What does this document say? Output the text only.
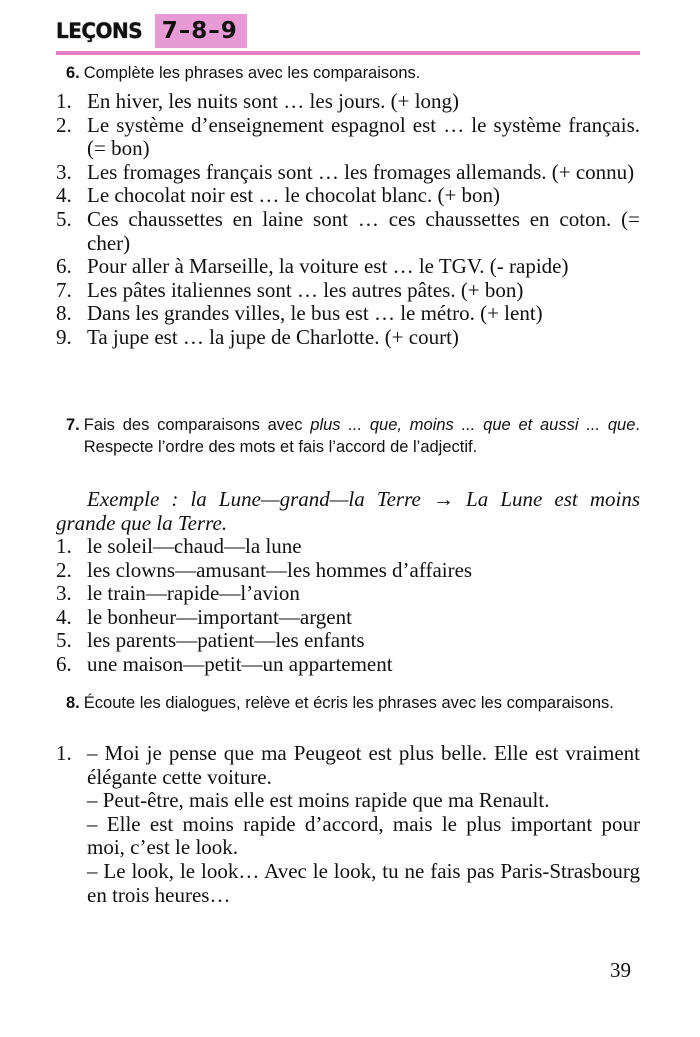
LEÇONS 7–8–9
6. Complète les phrases avec les comparaisons.
1. En hiver, les nuits sont … les jours. (+ long)
2. Le système d’enseignement espagnol est … le système français. (= bon)
3. Les fromages français sont … les fromages allemands. (+ connu)
4. Le chocolat noir est … le chocolat blanc. (+ bon)
5. Ces chaussettes en laine sont … ces chaussettes en coton. (= cher)
6. Pour aller à Marseille, la voiture est … le TGV. (- rapide)
7. Les pâtes italiennes sont … les autres pâtes. (+ bon)
8. Dans les grandes villes, le bus est … le métro. (+ lent)
9. Ta jupe est … la jupe de Charlotte. (+ court)
7. Fais des comparaisons avec plus ... que, moins ... que et aussi ... que. Respecte l’ordre des mots et fais l’accord de l’adjectif.
Exemple : la Lune—grand—la Terre → La Lune est moins grande que la Terre.
1. le soleil—chaud—la lune
2. les clowns—amusant—les hommes d’affaires
3. le train—rapide—l’avion
4. le bonheur—important—argent
5. les parents—patient—les enfants
6. une maison—petit—un appartement
8. Écoute les dialogues, relève et écris les phrases avec les comparaisons.
1. – Moi je pense que ma Peugeot est plus belle. Elle est vraiment élégante cette voiture.
– Peut-être, mais elle est moins rapide que ma Renault.
– Elle est moins rapide d’accord, mais le plus important pour moi, c’est le look.
– Le look, le look… Avec le look, tu ne fais pas Paris-Strasbourg en trois heures…
39
